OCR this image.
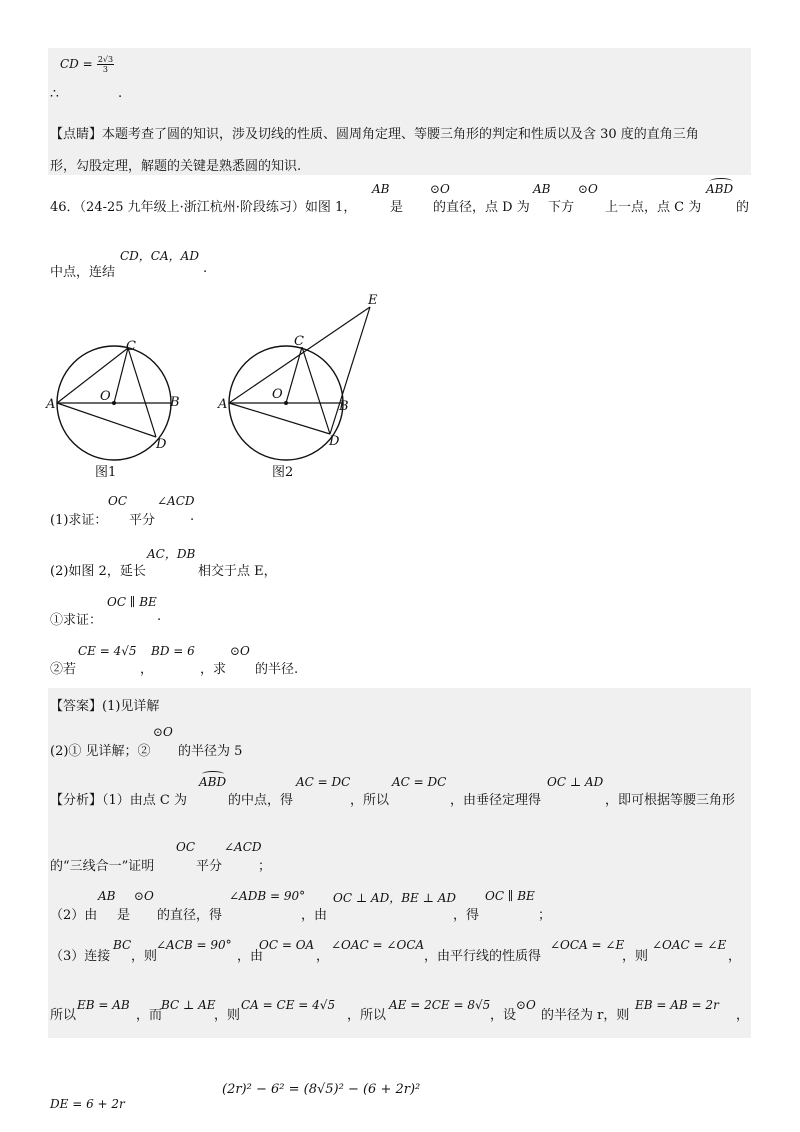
CD = $\frac{2√3}{3}$
∴	.
【点睛】本题考查了圆的知识，涉及切线的性质、圆周角定理、等腰三角形的判定和性质以及含 30 度的直角三角
形，勾股定理，解题的关键是熟悉圆的知识.
46．（24-25 九年级上·浙江杭州·阶段练习）如图 1，
AB
是
⊙O
的直径，点 D 为
AB
下方
⊙O
上一点，点 C 为
ABD
的
CD，CA，AD
中点，连结	.
A	B
C
D
O
图1
A	B
C
D
O
E
图2
(1)求证：
OC
平分
∠ACD
.
(2)如图 2，延长
AC，DB
相交于点 E，
①求证：
OC ∥ BE
.
②若
CE = 4√5
，
BD = 6
，求
⊙O
的半径.
【答案】(1)见详解
(2)① 见详解；②
⊙O
的半径为 5
【分析】（1）由点 C 为
ABD
的中点，得
AC = DC
，所以
AC = DC
，由垂径定理得
OC ⊥ AD
，即可根据等腰三角形
的“三线合一”证明
OC
平分
∠ACD
；
（2）由
AB
是
⊙O
的直径，得
∠ADB = 90°
，由
OC ⊥ AD，BE ⊥ AD
，得
OC ∥ BE
；
（3）连接
BC
，则
∠ACB = 90°
，由
OC = OA
，
∠OAC = ∠OCA
，由平行线的性质得
∠OCA = ∠E
，则
∠OAC = ∠E
，
所以
EB = AB
，而
BC ⊥ AE
，则
CA = CE = 4√5
，所以
AE = 2CE = 8√5
，设
⊙O
的半径为 r，则
EB = AB = 2r
，
DE = 6 + 2r
(2r)² − 6² = (8√5)² − (6 + 2r)²
